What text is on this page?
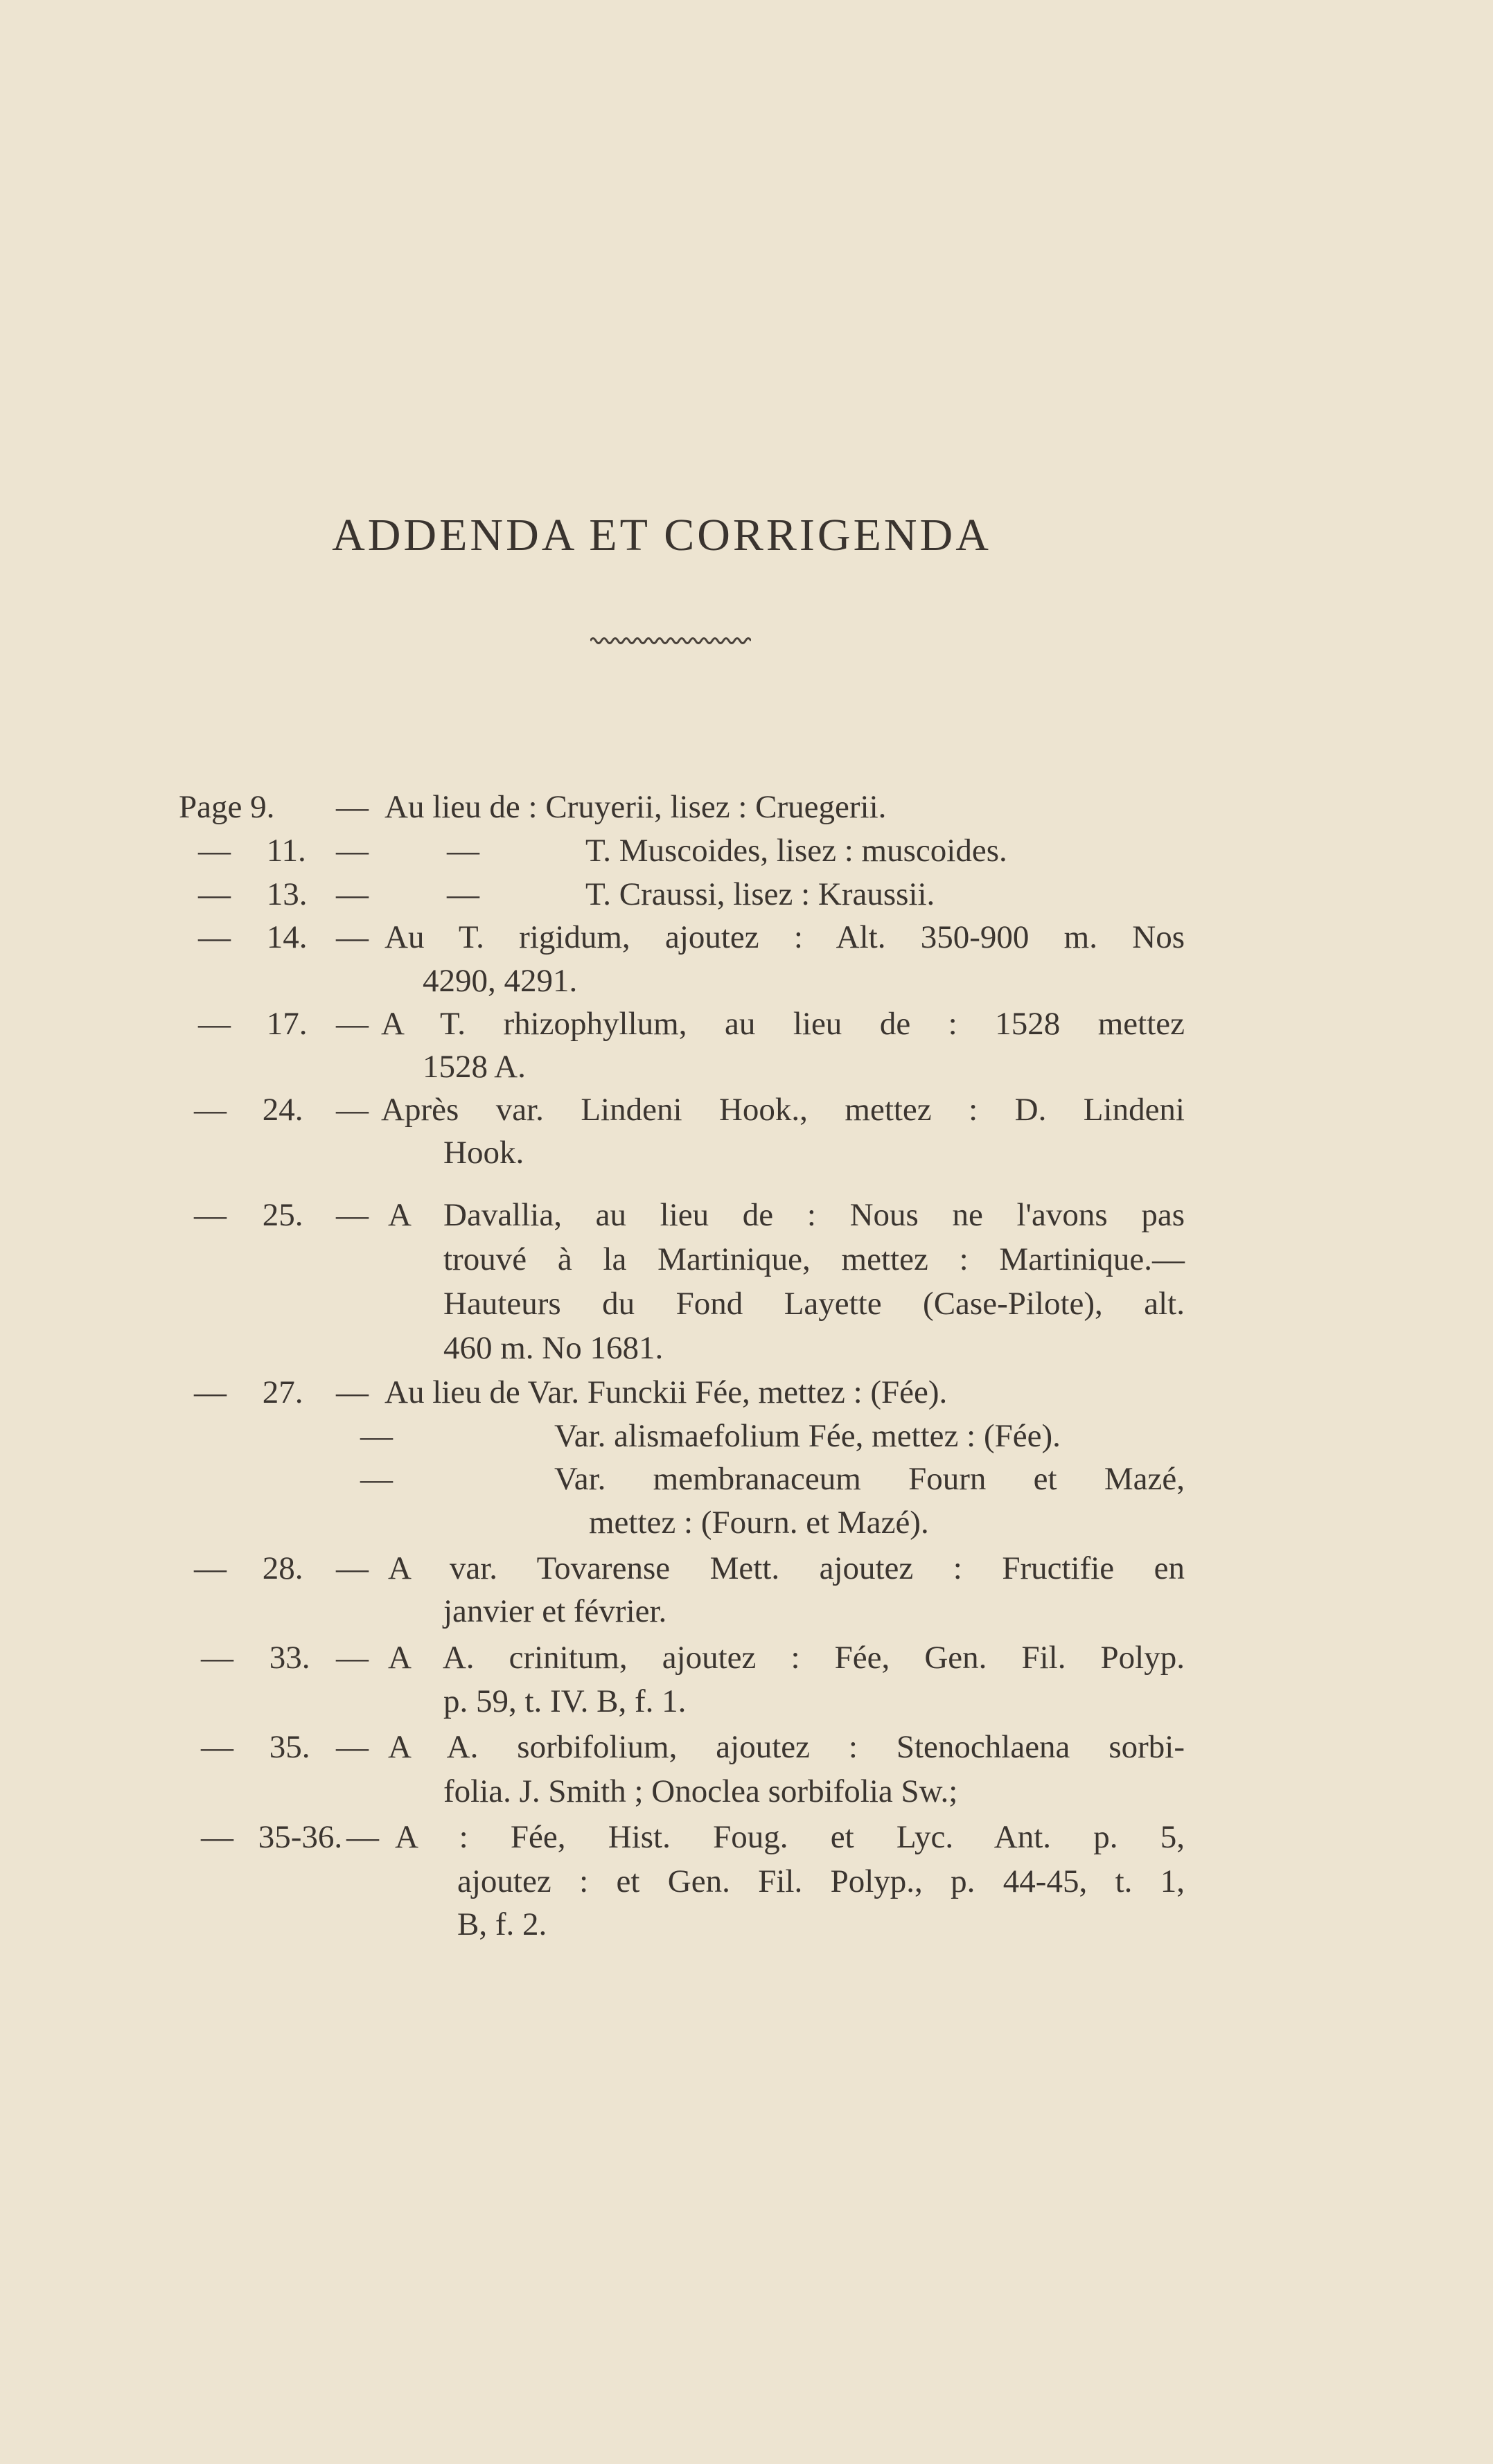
ADDENDA ET CORRIGENDA
Page 9. — Au lieu de : Cruyerii, lisez : Cruegerii.
— 11. — —	T. Muscoides, lisez : muscoides.
— 13. — —	T. Craussi, lisez : Kraussii.
— 14. — Au T. rigidum, ajoutez : Alt. 350-900 m. Nos
4290, 4291.
— 17. — A T. rhizophyllum, au lieu de : 1528 mettez
1528 A.
— 24. — Après var. Lindeni Hook., mettez : D. Lindeni
Hook.
— 25. — A Davallia, au lieu de : Nous ne l'avons pas
trouvé à la Martinique, mettez : Martinique.—
Hauteurs du Fond Layette (Case-Pilote), alt.
460 m. No 1681.
— 27. — Au lieu de Var. Funckii Fée, mettez : (Fée).
—	Var. alismaefolium Fée, mettez : (Fée).
—	Var. membranaceum Fourn et Mazé,
mettez : (Fourn. et Mazé).
— 28. — A var. Tovarense Mett. ajoutez : Fructifie en
janvier et février.
— 33. — A A. crinitum, ajoutez : Fée, Gen. Fil. Polyp.
p. 59, t. IV. B, f. 1.
— 35. — A A. sorbifolium, ajoutez : Stenochlaena sorbi-
folia. J. Smith ; Onoclea sorbifolia Sw.;
— 35-36. — A : Fée, Hist. Foug. et Lyc. Ant. p. 5,
ajoutez : et Gen. Fil. Polyp., p. 44-45, t. 1,
B, f. 2.
